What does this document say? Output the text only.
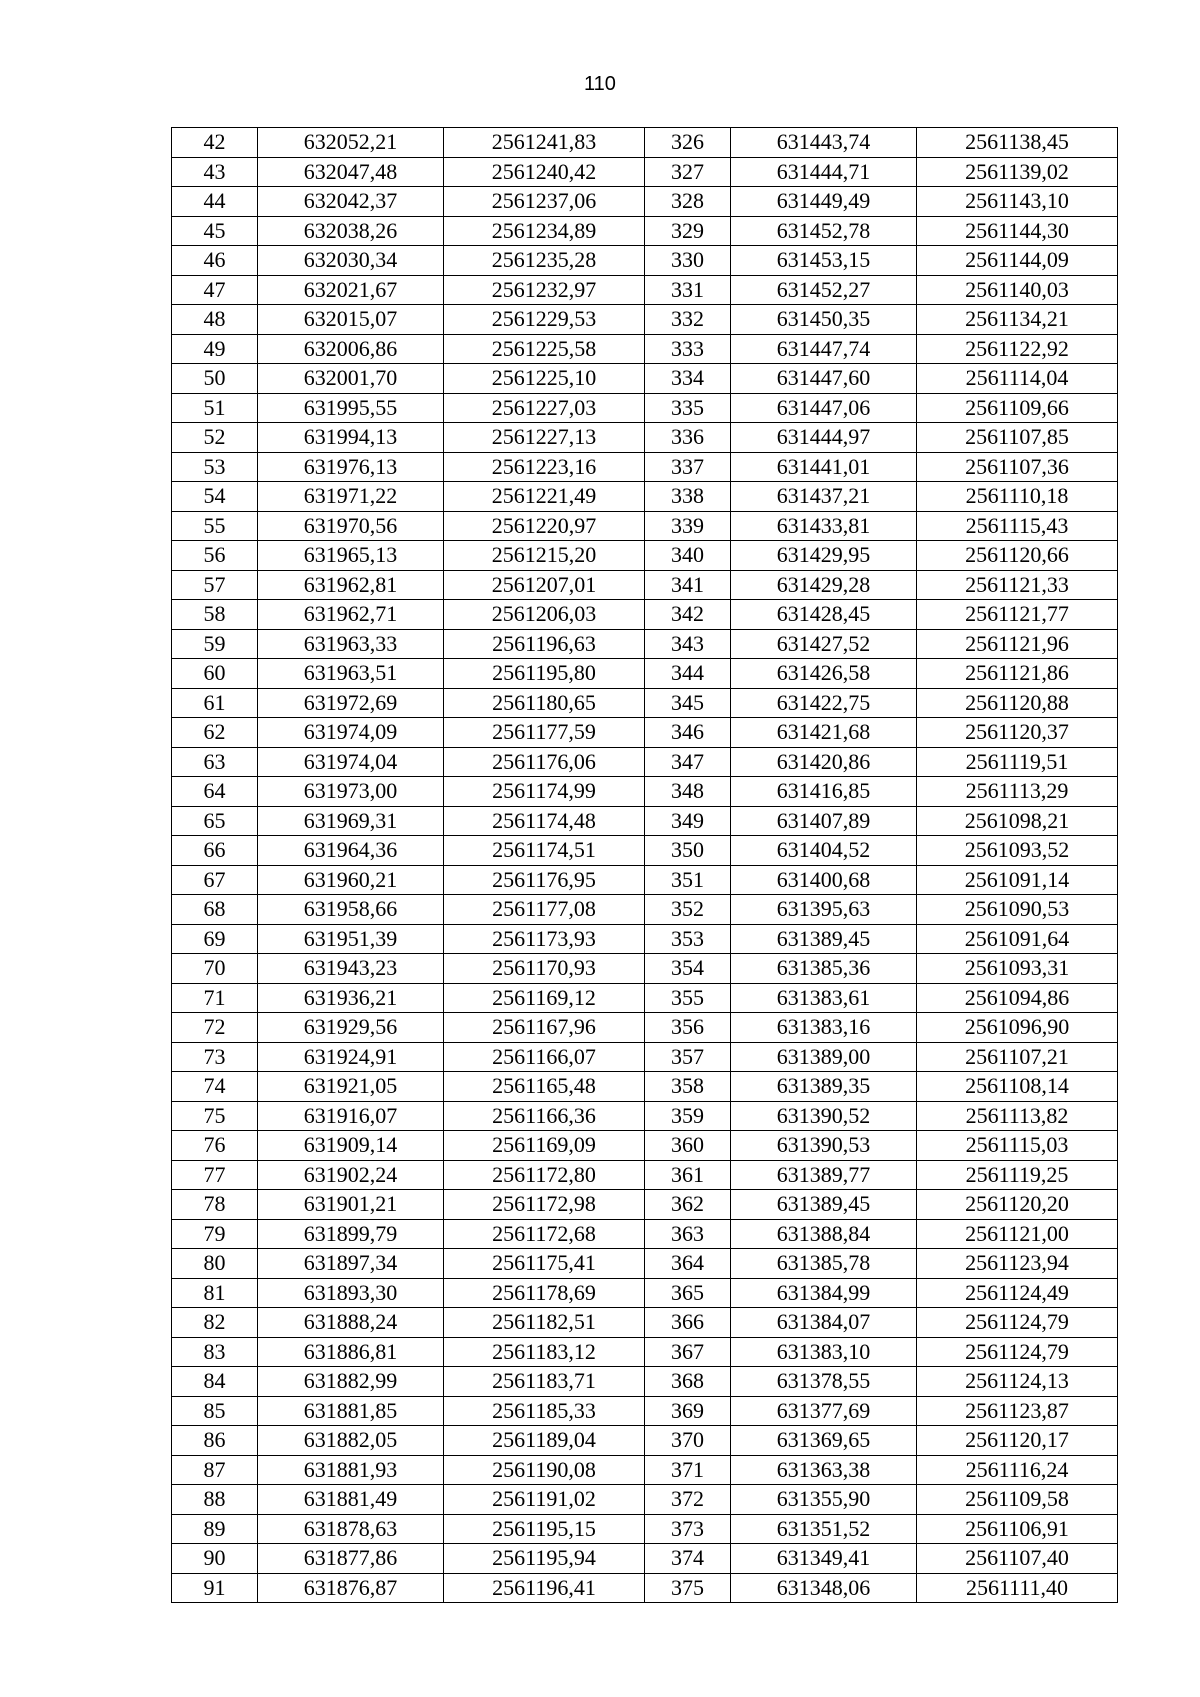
110
42	632052,21	2561241,83	326	631443,74	2561138,45
43	632047,48	2561240,42	327	631444,71	2561139,02
44	632042,37	2561237,06	328	631449,49	2561143,10
45	632038,26	2561234,89	329	631452,78	2561144,30
46	632030,34	2561235,28	330	631453,15	2561144,09
47	632021,67	2561232,97	331	631452,27	2561140,03
48	632015,07	2561229,53	332	631450,35	2561134,21
49	632006,86	2561225,58	333	631447,74	2561122,92
50	632001,70	2561225,10	334	631447,60	2561114,04
51	631995,55	2561227,03	335	631447,06	2561109,66
52	631994,13	2561227,13	336	631444,97	2561107,85
53	631976,13	2561223,16	337	631441,01	2561107,36
54	631971,22	2561221,49	338	631437,21	2561110,18
55	631970,56	2561220,97	339	631433,81	2561115,43
56	631965,13	2561215,20	340	631429,95	2561120,66
57	631962,81	2561207,01	341	631429,28	2561121,33
58	631962,71	2561206,03	342	631428,45	2561121,77
59	631963,33	2561196,63	343	631427,52	2561121,96
60	631963,51	2561195,80	344	631426,58	2561121,86
61	631972,69	2561180,65	345	631422,75	2561120,88
62	631974,09	2561177,59	346	631421,68	2561120,37
63	631974,04	2561176,06	347	631420,86	2561119,51
64	631973,00	2561174,99	348	631416,85	2561113,29
65	631969,31	2561174,48	349	631407,89	2561098,21
66	631964,36	2561174,51	350	631404,52	2561093,52
67	631960,21	2561176,95	351	631400,68	2561091,14
68	631958,66	2561177,08	352	631395,63	2561090,53
69	631951,39	2561173,93	353	631389,45	2561091,64
70	631943,23	2561170,93	354	631385,36	2561093,31
71	631936,21	2561169,12	355	631383,61	2561094,86
72	631929,56	2561167,96	356	631383,16	2561096,90
73	631924,91	2561166,07	357	631389,00	2561107,21
74	631921,05	2561165,48	358	631389,35	2561108,14
75	631916,07	2561166,36	359	631390,52	2561113,82
76	631909,14	2561169,09	360	631390,53	2561115,03
77	631902,24	2561172,80	361	631389,77	2561119,25
78	631901,21	2561172,98	362	631389,45	2561120,20
79	631899,79	2561172,68	363	631388,84	2561121,00
80	631897,34	2561175,41	364	631385,78	2561123,94
81	631893,30	2561178,69	365	631384,99	2561124,49
82	631888,24	2561182,51	366	631384,07	2561124,79
83	631886,81	2561183,12	367	631383,10	2561124,79
84	631882,99	2561183,71	368	631378,55	2561124,13
85	631881,85	2561185,33	369	631377,69	2561123,87
86	631882,05	2561189,04	370	631369,65	2561120,17
87	631881,93	2561190,08	371	631363,38	2561116,24
88	631881,49	2561191,02	372	631355,90	2561109,58
89	631878,63	2561195,15	373	631351,52	2561106,91
90	631877,86	2561195,94	374	631349,41	2561107,40
91	631876,87	2561196,41	375	631348,06	2561111,40
